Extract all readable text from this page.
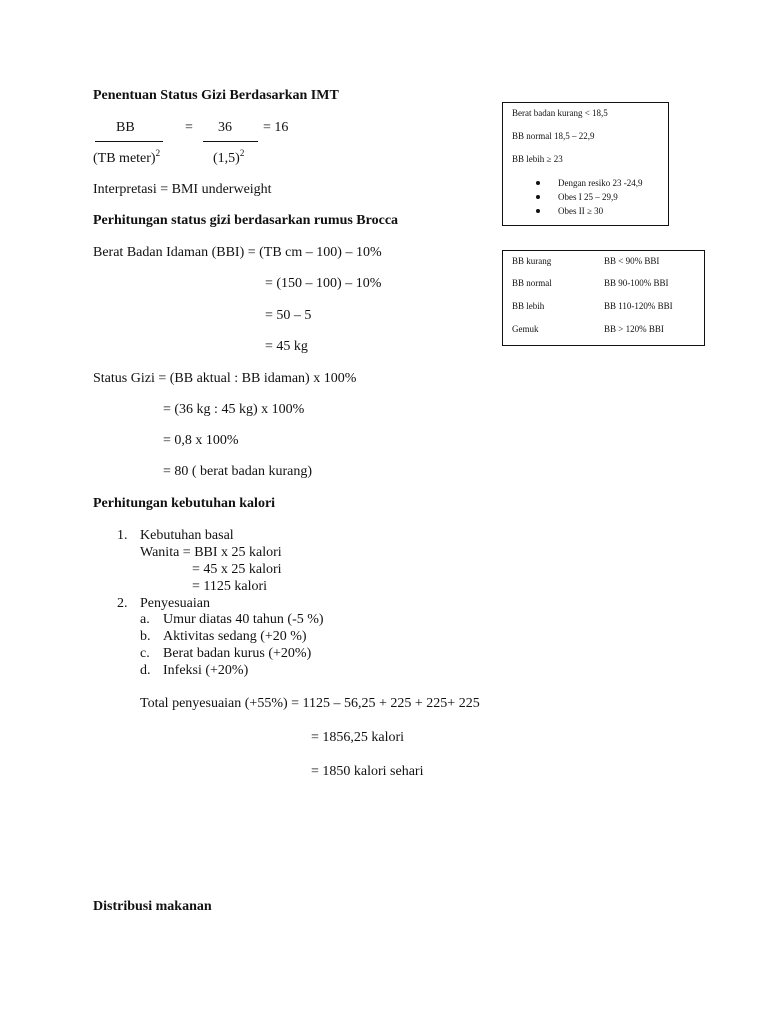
Penentuan Status Gizi Berdasarkan IMT
BB	= 36 = 16
(TB meter)$^2$	$(1,5)^2$
Interpretasi = BMI underweight
Perhitungan status gizi berdasarkan rumus Brocca
Berat Badan Idaman (BBI) = (TB cm – 100) – 10%
= (150 – 100) – 10%
= 50 – 5
= 45 kg
Status Gizi = (BB aktual : BB idaman) x 100%
= (36 kg : 45 kg) x 100%
= 0,8 x 100%
= 80 ( berat badan kurang)
Perhitungan kebutuhan kalori
1. Kebutuhan basal
Wanita = BBI x 25 kalori
= 45 x 25 kalori
= 1125 kalori
2. Penyesuaian
a. Umur diatas 40 tahun (-5 %)
b. Aktivitas sedang (+20 %)
c. Berat badan kurus (+20%)
d. Infeksi (+20%)
Total penyesuaian (+55%) = 1125 – 56,25 + 225 + 225+ 225
= 1856,25 kalori
= 1850 kalori sehari
Distribusi makanan
Berat badan kurang < 18,5
BB normal 18,5 – 22,9
BB lebih ≥ 23
Dengan resiko 23 -24,9
Obes I 25 – 29,9
Obes II ≥ 30
BB kurang	BB < 90% BBI
BB normal	BB 90-100% BBI
BB lebih	BB 110-120% BBI
Gemuk	BB > 120% BBI
